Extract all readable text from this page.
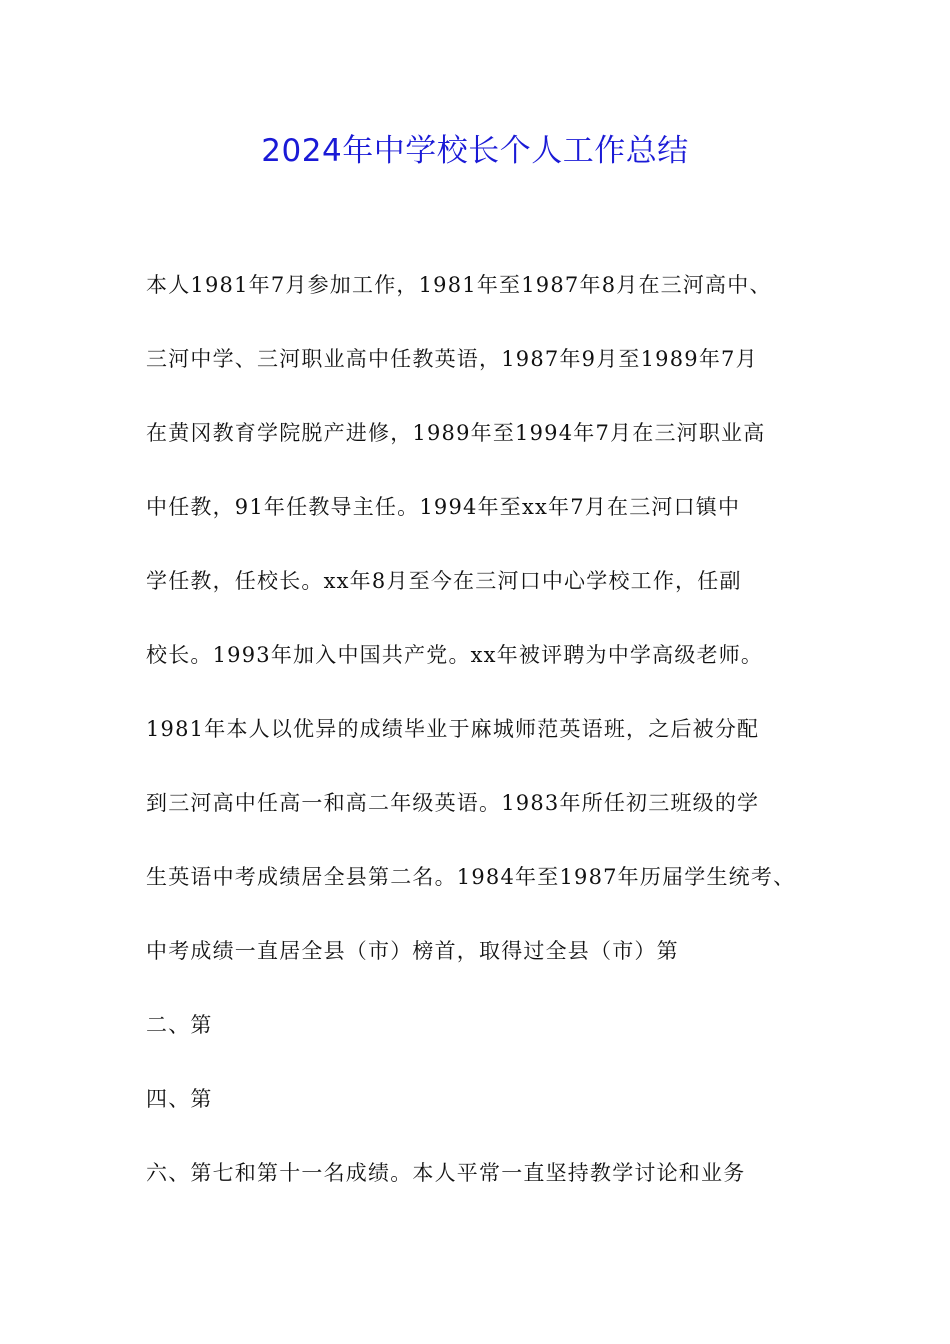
2024年中学校长个人工作总结
本人1981年7月参加工作，1981年至1987年8月在三河高中、
三河中学、三河职业高中任教英语，1987年9月至1989年7月
在黄冈教育学院脱产进修，1989年至1994年7月在三河职业高
中任教，91年任教导主任。1994年至xx年7月在三河口镇中
学任教，任校长。xx年8月至今在三河口中心学校工作，任副
校长。1993年加入中国共产党。xx年被评聘为中学高级老师。
1981年本人以优异的成绩毕业于麻城师范英语班，之后被分配
到三河高中任高一和高二年级英语。1983年所任初三班级的学
生英语中考成绩居全县第二名。1984年至1987年历届学生统考、
中考成绩一直居全县（市）榜首，取得过全县（市）第
二、第
四、第
六、第七和第十一名成绩。本人平常一直坚持教学讨论和业务
